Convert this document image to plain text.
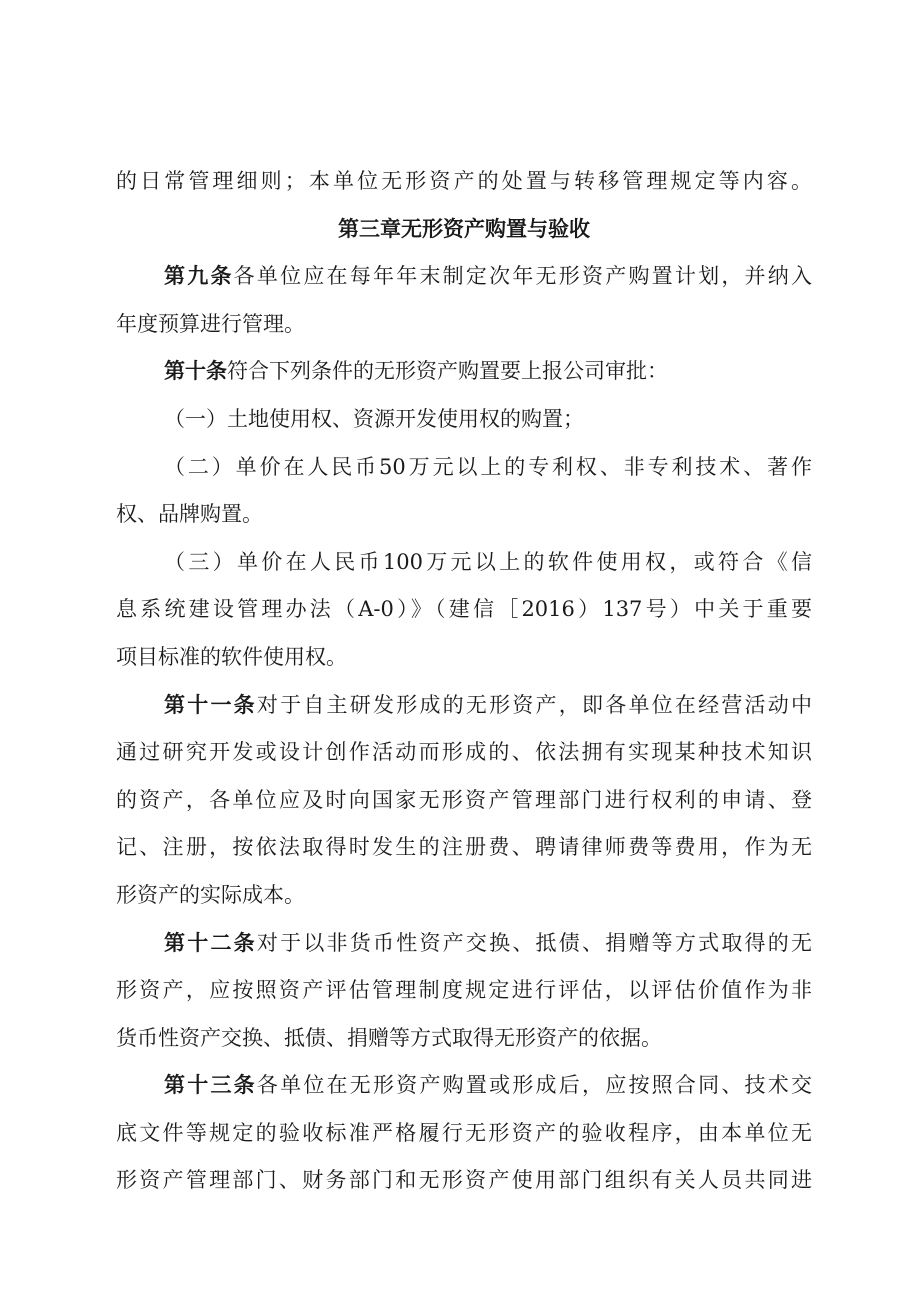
的日常管理细则；本单位无形资产的处置与转移管理规定等内容。
第三章无形资产购置与验收
第九条各单位应在每年年末制定次年无形资产购置计划，并纳入
年度预算进行管理。
第十条符合下列条件的无形资产购置要上报公司审批：
（一）土地使用权、资源开发使用权的购置；
（二）单价在人民币50万元以上的专利权、非专利技术、著作
权、品牌购置。
（三）单价在人民币100万元以上的软件使用权，或符合《信
息系统建设管理办法（A-0）》（建信［2016）137号）中关于重要
项目标准的软件使用权。
第十一条对于自主研发形成的无形资产，即各单位在经营活动中
通过研究开发或设计创作活动而形成的、依法拥有实现某种技术知识
的资产，各单位应及时向国家无形资产管理部门进行权利的申请、登
记、注册，按依法取得时发生的注册费、聘请律师费等费用，作为无
形资产的实际成本。
第十二条对于以非货币性资产交换、抵债、捐赠等方式取得的无
形资产，应按照资产评估管理制度规定进行评估，以评估价值作为非
货币性资产交换、抵债、捐赠等方式取得无形资产的依据。
第十三条各单位在无形资产购置或形成后，应按照合同、技术交
底文件等规定的验收标准严格履行无形资产的验收程序，由本单位无
形资产管理部门、财务部门和无形资产使用部门组织有关人员共同进
